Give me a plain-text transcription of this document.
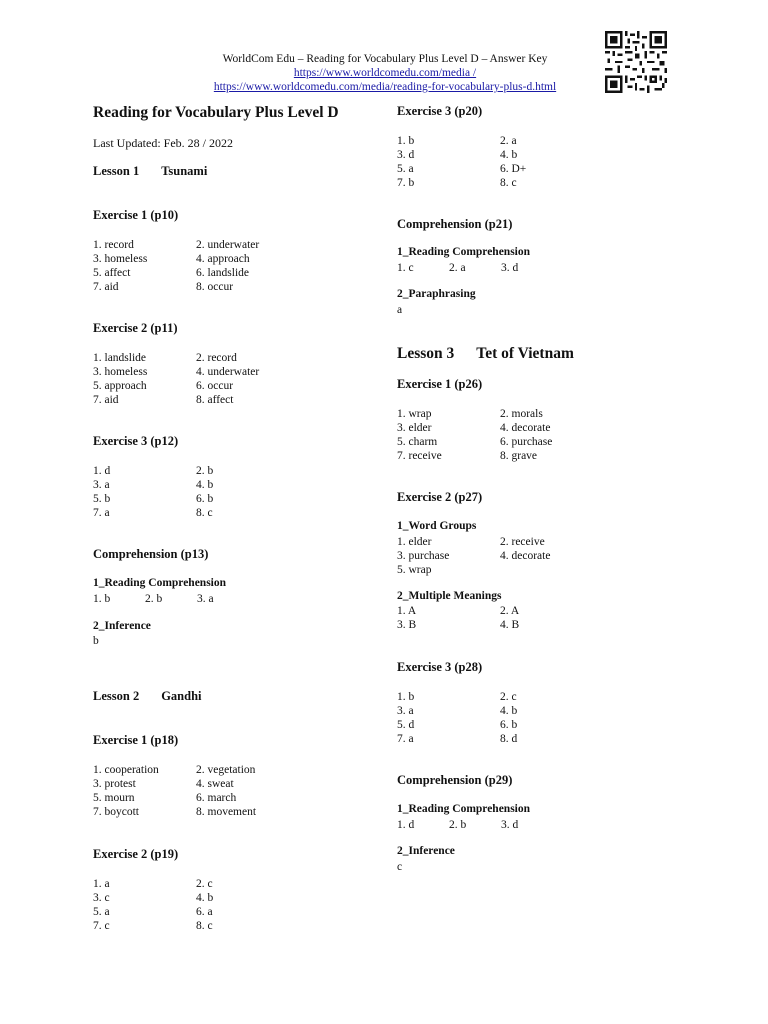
WorldCom Edu – Reading for Vocabulary Plus Level D – Answer Key
https://www.worldcomedu.com/media /
https://www.worldcomedu.com/media/reading-for-vocabulary-plus-d.html
Reading for Vocabulary Plus Level D
Last Updated: Feb. 28 / 2022
Lesson 1 Tsunami
Exercise 1 (p10)
1. record	2. underwater
3. homeless	4. approach
5. affect	6. landslide
7. aid	8. occur
Exercise 2 (p11)
1. landslide	2. record
3. homeless	4. underwater
5. approach	6. occur
7. aid	8. affect
Exercise 3 (p12)
1. d	2. b
3. a	4. b
5. b	6. b
7. a	8. c
Comprehension (p13)
1_Reading Comprehension
1. b	2. b	3. a
2_Inference
b
Lesson 2 Gandhi
Exercise 1 (p18)
1. cooperation	2. vegetation
3. protest	4. sweat
5. mourn	6. march
7. boycott	8. movement
Exercise 2 (p19)
1. a	2. c
3. c	4. b
5. a	6. a
7. c	8. c
Exercise 3 (p20)
1. b	2. a
3. d	4. b
5. a	6. D+
7. b	8. c
Comprehension (p21)
1_Reading Comprehension
1. c	2. a	3. d
2_Paraphrasing
a
Lesson 3 Tet of Vietnam
Exercise 1 (p26)
1. wrap	2. morals
3. elder	4. decorate
5. charm	6. purchase
7. receive	8. grave
Exercise 2 (p27)
1_Word Groups
1. elder	2. receive
3. purchase	4. decorate
5. wrap
2_Multiple Meanings
1. A	2. A
3. B	4. B
Exercise 3 (p28)
1. b	2. c
3. a	4. b
5. d	6. b
7. a	8. d
Comprehension (p29)
1_Reading Comprehension
1. d	2. b	3. d
2_Inference
c
